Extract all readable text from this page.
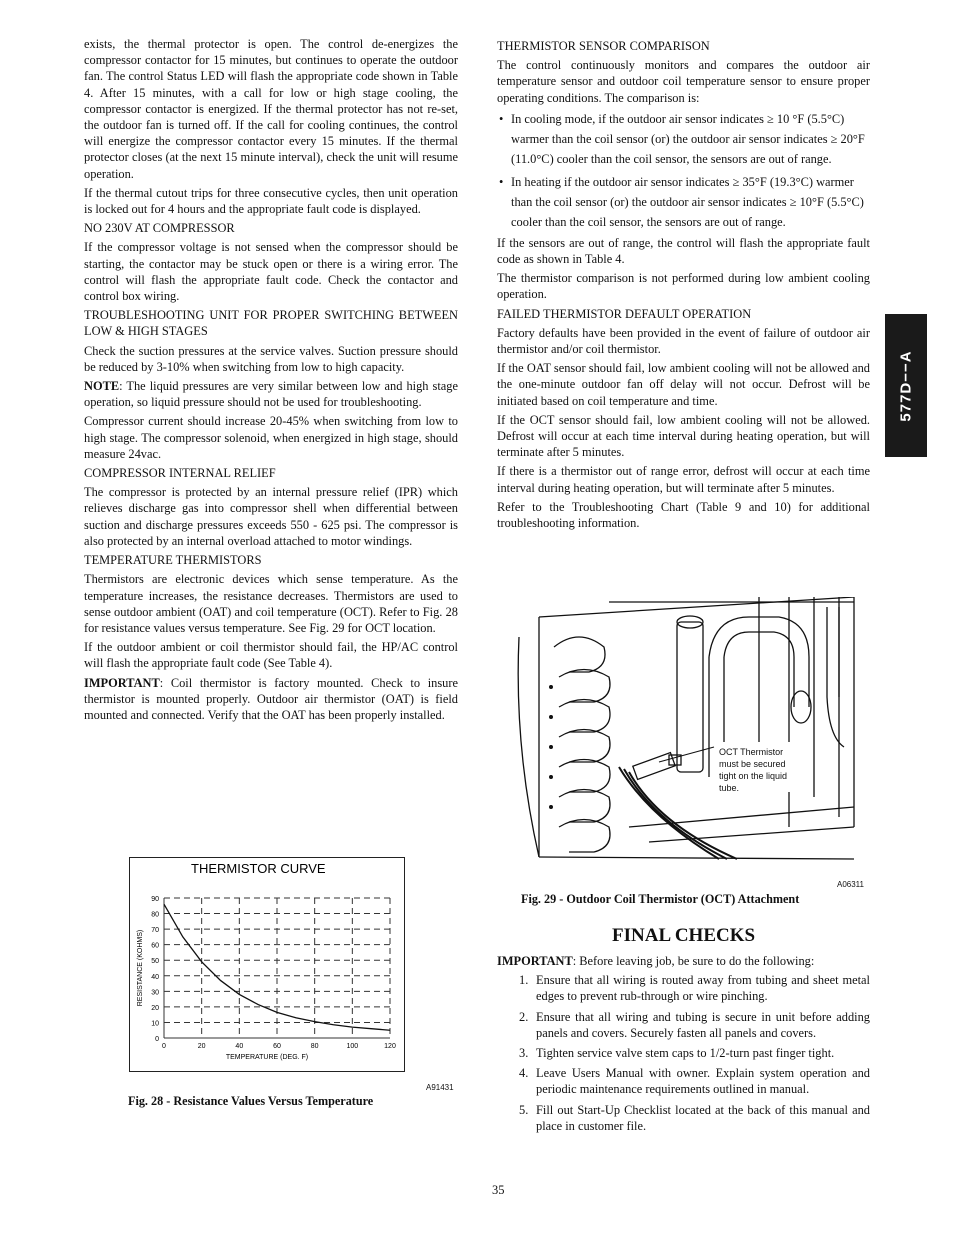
577D−−A
exists, the thermal protector is open. The control de-energizes the compressor contactor for 15 minutes, but continues to operate the outdoor fan. The control Status LED will flash the appropriate code shown in Table 4. After 15 minutes, with a call for low or high stage cooling, the compressor contactor is energized. If the thermal protector has not re-set, the outdoor fan is turned off. If the call for cooling continues, the control will energize the compressor contactor every 15 minutes. If the thermal protector closes (at the next 15 minute interval), check the unit will resume operation.
If the thermal cutout trips for three consecutive cycles, then unit operation is locked out for 4 hours and the appropriate fault code is displayed.
NO 230V AT COMPRESSOR
If the compressor voltage is not sensed when the compressor should be starting, the contactor may be stuck open or there is a wiring error. The control will flash the appropriate fault code. Check the contactor and control box wiring.
TROUBLESHOOTING UNIT FOR PROPER SWITCHING BETWEEN LOW & HIGH STAGES
Check the suction pressures at the service valves. Suction pressure should be reduced by 3-10% when switching from low to high capacity.
NOTE: The liquid pressures are very similar between low and high stage operation, so liquid pressure should not be used for troubleshooting.
Compressor current should increase 20-45% when switching from low to high stage. The compressor solenoid, when energized in high stage, should measure 24vac.
COMPRESSOR INTERNAL RELIEF
The compressor is protected by an internal pressure relief (IPR) which relieves discharge gas into compressor shell when differential between suction and discharge pressures exceeds 550 - 625 psi. The compressor is also protected by an internal overload attached to motor windings.
TEMPERATURE THERMISTORS
Thermistors are electronic devices which sense temperature. As the temperature increases, the resistance decreases. Thermistors are used to sense outdoor ambient (OAT) and coil temperature (OCT). Refer to Fig. 28 for resistance values versus temperature. See Fig. 29 for OCT location.
If the outdoor ambient or coil thermistor should fail, the HP/AC control will flash the appropriate fault code (See Table 4).
IMPORTANT: Coil thermistor is factory mounted. Check to insure thermistor is mounted properly. Outdoor air thermistor (OAT) is field mounted and connected. Verify that the OAT has been properly installed.
THERMISTOR CURVE
0
10
20
30
40
50
60
70
80
90
0	20	40	60	80	100	120
TEMPERATURE (DEG. F)
RESISTANCE (KOHMS)
A91431
Fig. 28 - Resistance Values Versus Temperature
THERMISTOR SENSOR COMPARISON
The control continuously monitors and compares the outdoor air temperature sensor and outdoor coil temperature sensor to ensure proper operating conditions. The comparison is:
• In cooling mode, if the outdoor air sensor indicates ≥ 10 °F (5.5°C) warmer than the coil sensor (or) the outdoor air sensor indicates ≥ 20°F (11.0°C) cooler than the coil sensor, the sensors are out of range.
• In heating if the outdoor air sensor indicates ≥ 35°F (19.3°C) warmer than the coil sensor (or) the outdoor air sensor indicates ≥ 10°F (5.5°C) cooler than the coil sensor, the sensors are out of range.
If the sensors are out of range, the control will flash the appropriate fault code as shown in Table 4.
The thermistor comparison is not performed during low ambient cooling operation.
FAILED THERMISTOR DEFAULT OPERATION
Factory defaults have been provided in the event of failure of outdoor air thermistor and/or coil thermistor.
If the OAT sensor should fail, low ambient cooling will not be allowed and the one-minute outdoor fan off delay will not occur. Defrost will be initiated based on coil temperature and time.
If the OCT sensor should fail, low ambient cooling will not be allowed. Defrost will occur at each time interval during heating operation, but will terminate after 5 minutes.
If there is a thermistor out of range error, defrost will occur at each time interval during heating operation, but will terminate after 5 minutes.
Refer to the Troubleshooting Chart (Table 9 and 10) for additional troubleshooting information.
OCT Thermistor
must be secured
tight on the liquid
tube.
A06311
Fig. 29 - Outdoor Coil Thermistor (OCT) Attachment
FINAL CHECKS
IMPORTANT: Before leaving job, be sure to do the following:
1. Ensure that all wiring is routed away from tubing and sheet metal edges to prevent rub-through or wire pinching.
2. Ensure that all wiring and tubing is secure in unit before adding panels and covers. Securely fasten all panels and covers.
3. Tighten service valve stem caps to 1/2-turn past finger tight.
4. Leave Users Manual with owner. Explain system operation and periodic maintenance requirements outlined in manual.
5. Fill out Start-Up Checklist located at the back of this manual and place in customer file.
35
